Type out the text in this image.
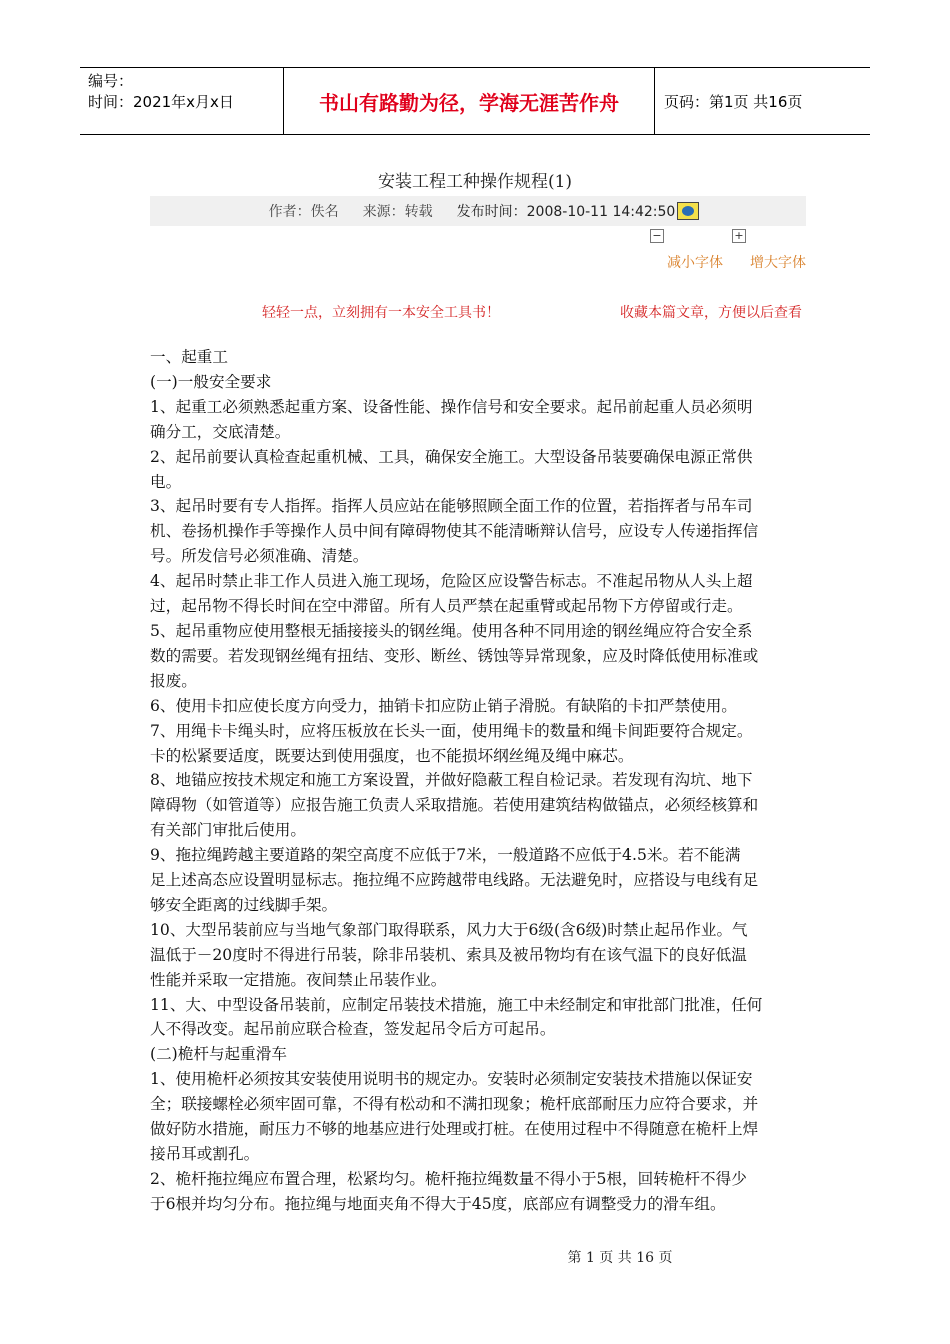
编号：
时间：2021年x月x日	书山有路勤为径，学海无涯苦作舟	页码：第1页 共16页
安装工程工种操作规程(1)
作者：佚名 来源：转载 发布时间：2008-10-11 14:42:50
−	+
减小字体 增大字体
轻轻一点，立刻拥有一本安全工具书！	收藏本篇文章，方便以后查看

一、起重工

(一)一般安全要求

1、起重工必须熟悉起重方案、设备性能、操作信号和安全要求。起吊前起重人员必须明

确分工，交底清楚。

2、起吊前要认真检查起重机械、工具，确保安全施工。大型设备吊装要确保电源正常供

电。

3、起吊时要有专人指挥。指挥人员应站在能够照顾全面工作的位置，若指挥者与吊车司

机、卷扬机操作手等操作人员中间有障碍物使其不能清晰辩认信号，应设专人传递指挥信

号。所发信号必须准确、清楚。

4、起吊时禁止非工作人员进入施工现场，危险区应设警告标志。不准起吊物从人头上超

过，起吊物不得长时间在空中滞留。所有人员严禁在起重臂或起吊物下方停留或行走。

5、起吊重物应使用整根无插接接头的钢丝绳。使用各种不同用途的钢丝绳应符合安全系

数的需要。若发现钢丝绳有扭结、变形、断丝、锈蚀等异常现象，应及时降低使用标准或

报废。

6、使用卡扣应使长度方向受力，抽销卡扣应防止销子滑脱。有缺陷的卡扣严禁使用。

7、用绳卡卡绳头时，应将压板放在长头一面，使用绳卡的数量和绳卡间距要符合规定。

卡的松紧要适度，既要达到使用强度，也不能损坏纲丝绳及绳中麻芯。

8、地锚应按技术规定和施工方案设置，并做好隐蔽工程自检记录。若发现有沟坑、地下

障碍物（如管道等）应报告施工负责人采取措施。若使用建筑结构做锚点，必须经核算和

有关部门审批后使用。

9、拖拉绳跨越主要道路的架空高度不应低于7米，一般道路不应低于4.5米。若不能满

足上述高态应设置明显标志。拖拉绳不应跨越带电线路。无法避免时，应搭设与电线有足

够安全距离的过线脚手架。

10、大型吊装前应与当地气象部门取得联系，风力大于6级(含6级)时禁止起吊作业。气

温低于－20度时不得进行吊装，除非吊装机、索具及被吊物均有在该气温下的良好低温

性能并采取一定措施。夜间禁止吊装作业。

11、大、中型设备吊装前，应制定吊装技术措施，施工中未经制定和审批部门批准，任何

人不得改变。起吊前应联合检查，签发起吊令后方可起吊。

(二)桅杆与起重滑车

1、使用桅杆必须按其安装使用说明书的规定办。安装时必须制定安装技术措施以保证安

全；联接螺栓必须牢固可靠，不得有松动和不满扣现象；桅杆底部耐压力应符合要求，并

做好防水措施，耐压力不够的地基应进行处理或打桩。在使用过程中不得随意在桅杆上焊

接吊耳或割孔。

2、桅杆拖拉绳应布置合理，松紧均匀。桅杆拖拉绳数量不得小于5根，回转桅杆不得少

于6根并均匀分布。拖拉绳与地面夹角不得大于45度，底部应有调整受力的滑车组。

第 1 页 共 16 页
